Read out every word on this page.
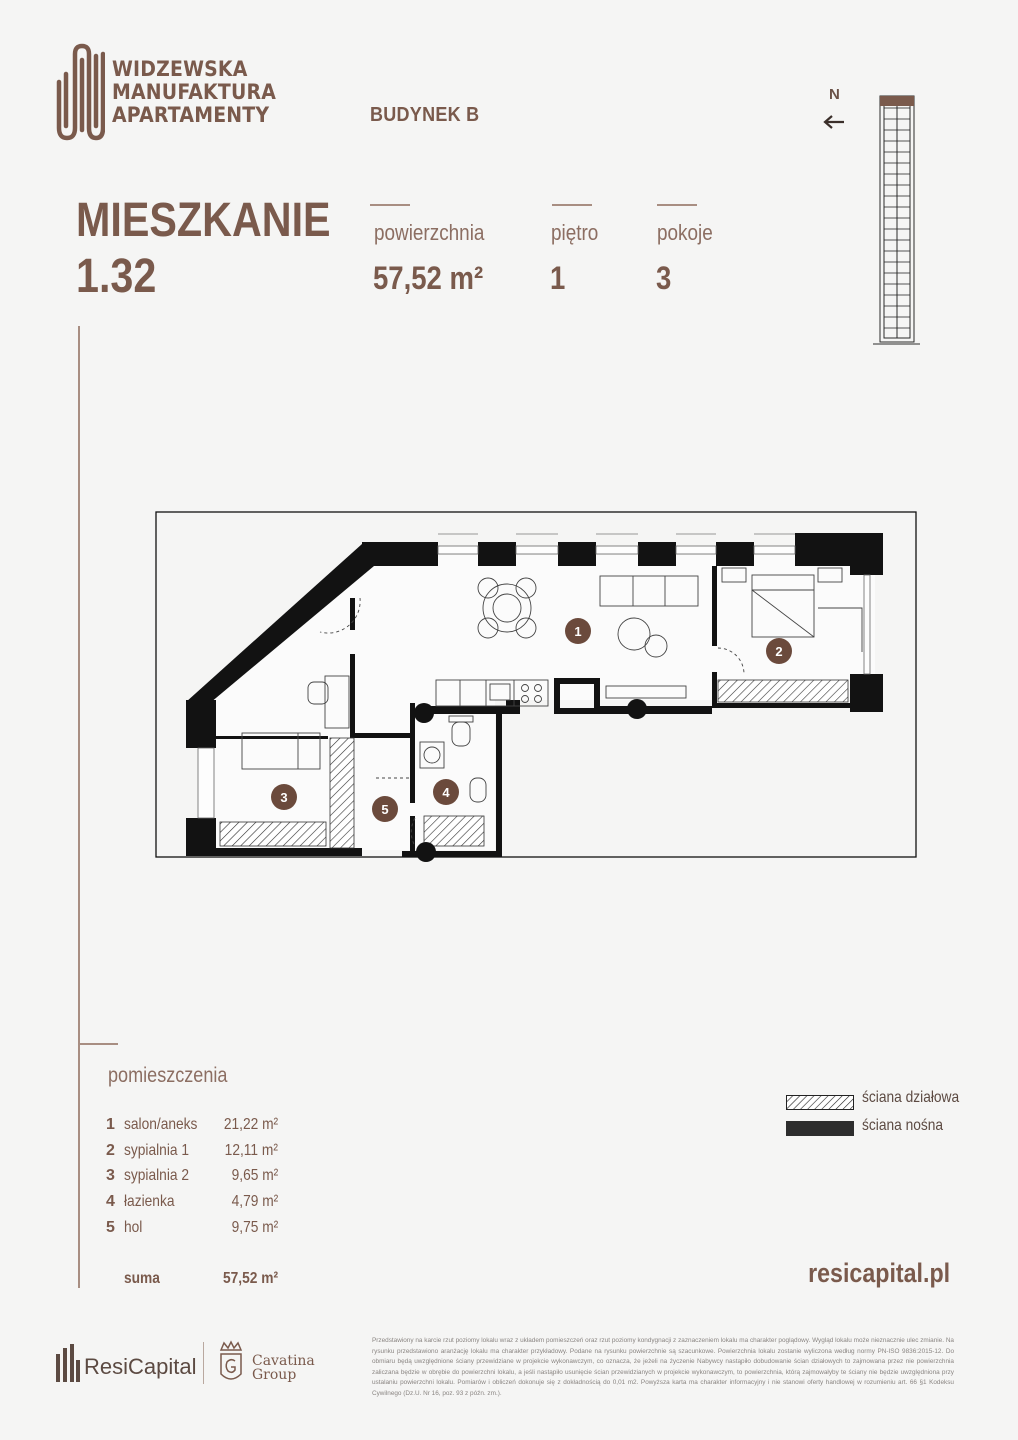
WIDZEWSKA
MANUFAKTURA
APARTAMENTY	BUDYNEK B
N
MIESZKANIE
1.32
powierzchnia
57,52 m²
piętro
1
pokoje
3
1
2
3	4
5
pomieszczenia
1 salon/aneks 21,22 m²
2 sypialnia 1 12,11 m²
3 sypialnia 2	9,65 m²
4 łazienka	4,79 m²
5 hol	9,75 m²
suma	57,52 m²
ściana działowa
ściana nośna
resicapital.pl
ResiCapital	Cavatina
Group
Przedstawiony na karcie rzut poziomy lokalu wraz z układem pomieszczeń oraz rzut poziomy kondygnacji z zaznaczeniem lokalu ma charakter poglądowy. Wygląd lokalu może nieznacznie ulec zmianie. Na rysunku przedstawiono aranżację lokalu ma charakter przykładowy. Podane na rysunku powierzchnie są szacunkowe. Powierzchnia lokalu zostanie wyliczona według normy PN-ISO 9836:2015-12. Do obmiaru będą uwzględnione ściany przewidziane w projekcie wykonawczym, co oznacza, że jeżeli na życzenie Nabywcy nastąpiło dobudowanie ścian działowych to zajmowana przez nie powierzchnia zaliczana będzie w obrębie do powierzchni lokalu, a jeśli nastąpiło usunięcie ścian przewidzianych w projekcie wykonawczym, to powierzchnia, którą zajmowałyby te ściany nie będzie uwzględniona przy ustalaniu powierzchni lokalu. Pomiarów i obliczeń dokonuje się z dokładnością do 0,01 m2. Powyższa karta ma charakter informacyjny i nie stanowi oferty handlowej w rozumieniu art. 66 §1 Kodeksu Cywilnego (Dz.U. Nr 16, poz. 93 z późn. zm.).
